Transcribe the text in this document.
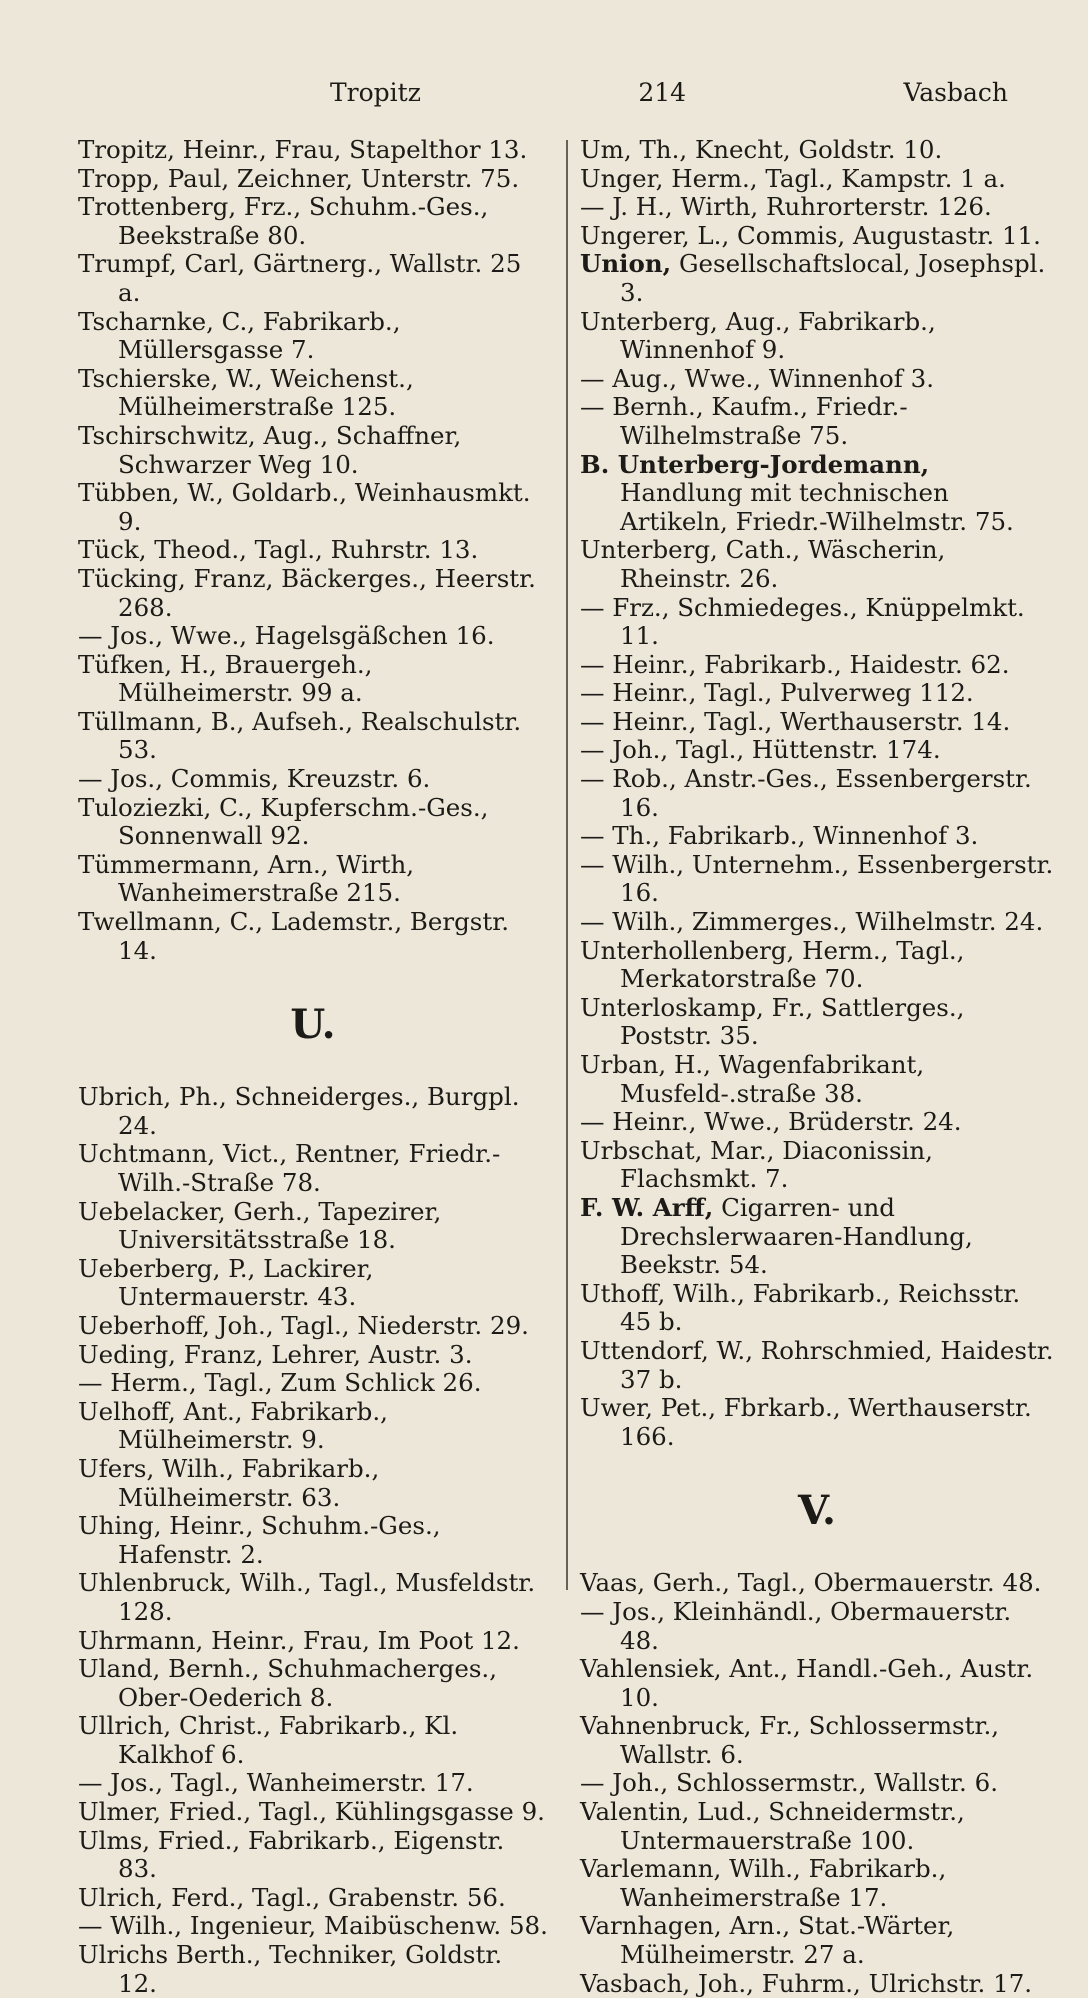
Tropitz	214	Vasbach

Tropitz, Heinr., Frau, Stapelthor 13.

Tropp, Paul, Zeichner, Unterstr. 75.

Trottenberg, Frz., Schuhm.-Ges., Beekstraße 80.

Trumpf, Carl, Gärtnerg., Wallstr. 25 a.

Tscharnke, C., Fabrikarb., Müllersgasse 7.

Tschierske, W., Weichenst., Mülheimerstraße 125.

Tschirschwitz, Aug., Schaffner, Schwarzer Weg 10.

Tübben, W., Goldarb., Weinhausmkt. 9.

Tück, Theod., Tagl., Ruhrstr. 13.

Tücking, Franz, Bäckerges., Heerstr. 268.

— Jos., Wwe., Hagelsgäßchen 16.

Tüfken, H., Brauergeh., Mülheimerstr. 99 a.

Tüllmann, B., Aufseh., Realschulstr. 53.

— Jos., Commis, Kreuzstr. 6.

Tuloziezki, C., Kupferschm.-Ges., Sonnenwall 92.

Tümmermann, Arn., Wirth, Wanheimerstraße 215.

Twellmann, C., Lademstr., Bergstr. 14.

U.

Ubrich, Ph., Schneiderges., Burgpl. 24.

Uchtmann, Vict., Rentner, Friedr.-Wilh.-Straße 78.

Uebelacker, Gerh., Tapezirer, Universitätsstraße 18.

Ueberberg, P., Lackirer, Untermauerstr. 43.

Ueberhoff, Joh., Tagl., Niederstr. 29.

Ueding, Franz, Lehrer, Austr. 3.

— Herm., Tagl., Zum Schlick 26.

Uelhoff, Ant., Fabrikarb., Mülheimerstr. 9.

Ufers, Wilh., Fabrikarb., Mülheimerstr. 63.

Uhing, Heinr., Schuhm.-Ges., Hafenstr. 2.

Uhlenbruck, Wilh., Tagl., Musfeldstr. 128.

Uhrmann, Heinr., Frau, Im Poot 12.

Uland, Bernh., Schuhmacherges., Ober-Oederich 8.

Ullrich, Christ., Fabrikarb., Kl. Kalkhof 6.

— Jos., Tagl., Wanheimerstr. 17.

Ulmer, Fried., Tagl., Kühlingsgasse 9.

Ulms, Fried., Fabrikarb., Eigenstr. 83.

Ulrich, Ferd., Tagl., Grabenstr. 56.

— Wilh., Ingenieur, Maibüschenw. 58.

Ulrichs Berth., Techniker, Goldstr. 12.

Um, Th., Knecht, Goldstr. 10.

Unger, Herm., Tagl., Kampstr. 1 a.

— J. H., Wirth, Ruhrorterstr. 126.

Ungerer, L., Commis, Augustastr. 11.

Union, Gesellschaftslocal, Josephspl. 3.

Unterberg, Aug., Fabrikarb., Winnenhof 9.

— Aug., Wwe., Winnenhof 3.

— Bernh., Kaufm., Friedr.-Wilhelmstraße 75.

B. Unterberg-Jordemann, Handlung mit technischen Artikeln, Friedr.-Wilhelmstr. 75.

Unterberg, Cath., Wäscherin, Rheinstr. 26.

— Frz., Schmiedeges., Knüppelmkt. 11.

— Heinr., Fabrikarb., Haidestr. 62.

— Heinr., Tagl., Pulverweg 112.

— Heinr., Tagl., Werthauserstr. 14.

— Joh., Tagl., Hüttenstr. 174.

— Rob., Anstr.-Ges., Essenbergerstr. 16.

— Th., Fabrikarb., Winnenhof 3.

— Wilh., Unternehm., Essenbergerstr. 16.

— Wilh., Zimmerges., Wilhelmstr. 24.

Unterhollenberg, Herm., Tagl., Merkatorstraße 70.

Unterloskamp, Fr., Sattlerges., Poststr. 35.

Urban, H., Wagenfabrikant, Musfeld-.straße 38.

— Heinr., Wwe., Brüderstr. 24.

Urbschat, Mar., Diaconissin, Flachsmkt. 7.

F. W. Arff, Cigarren- und Drechslerwaaren-Handlung, Beekstr. 54.

Uthoff, Wilh., Fabrikarb., Reichsstr. 45 b.

Uttendorf, W., Rohrschmied, Haidestr. 37 b.

Uwer, Pet., Fbrkarb., Werthauserstr. 166.

V.

Vaas, Gerh., Tagl., Obermauerstr. 48.

— Jos., Kleinhändl., Obermauerstr. 48.

Vahlensiek, Ant., Handl.-Geh., Austr. 10.

Vahnenbruck, Fr., Schlossermstr., Wallstr. 6.

— Joh., Schlossermstr., Wallstr. 6.

Valentin, Lud., Schneidermstr., Untermauerstraße 100.

Varlemann, Wilh., Fabrikarb., Wanheimerstraße 17.

Varnhagen, Arn., Stat.-Wärter, Mülheimerstr. 27 a.

Vasbach, Joh., Fuhrm., Ulrichstr. 17.
